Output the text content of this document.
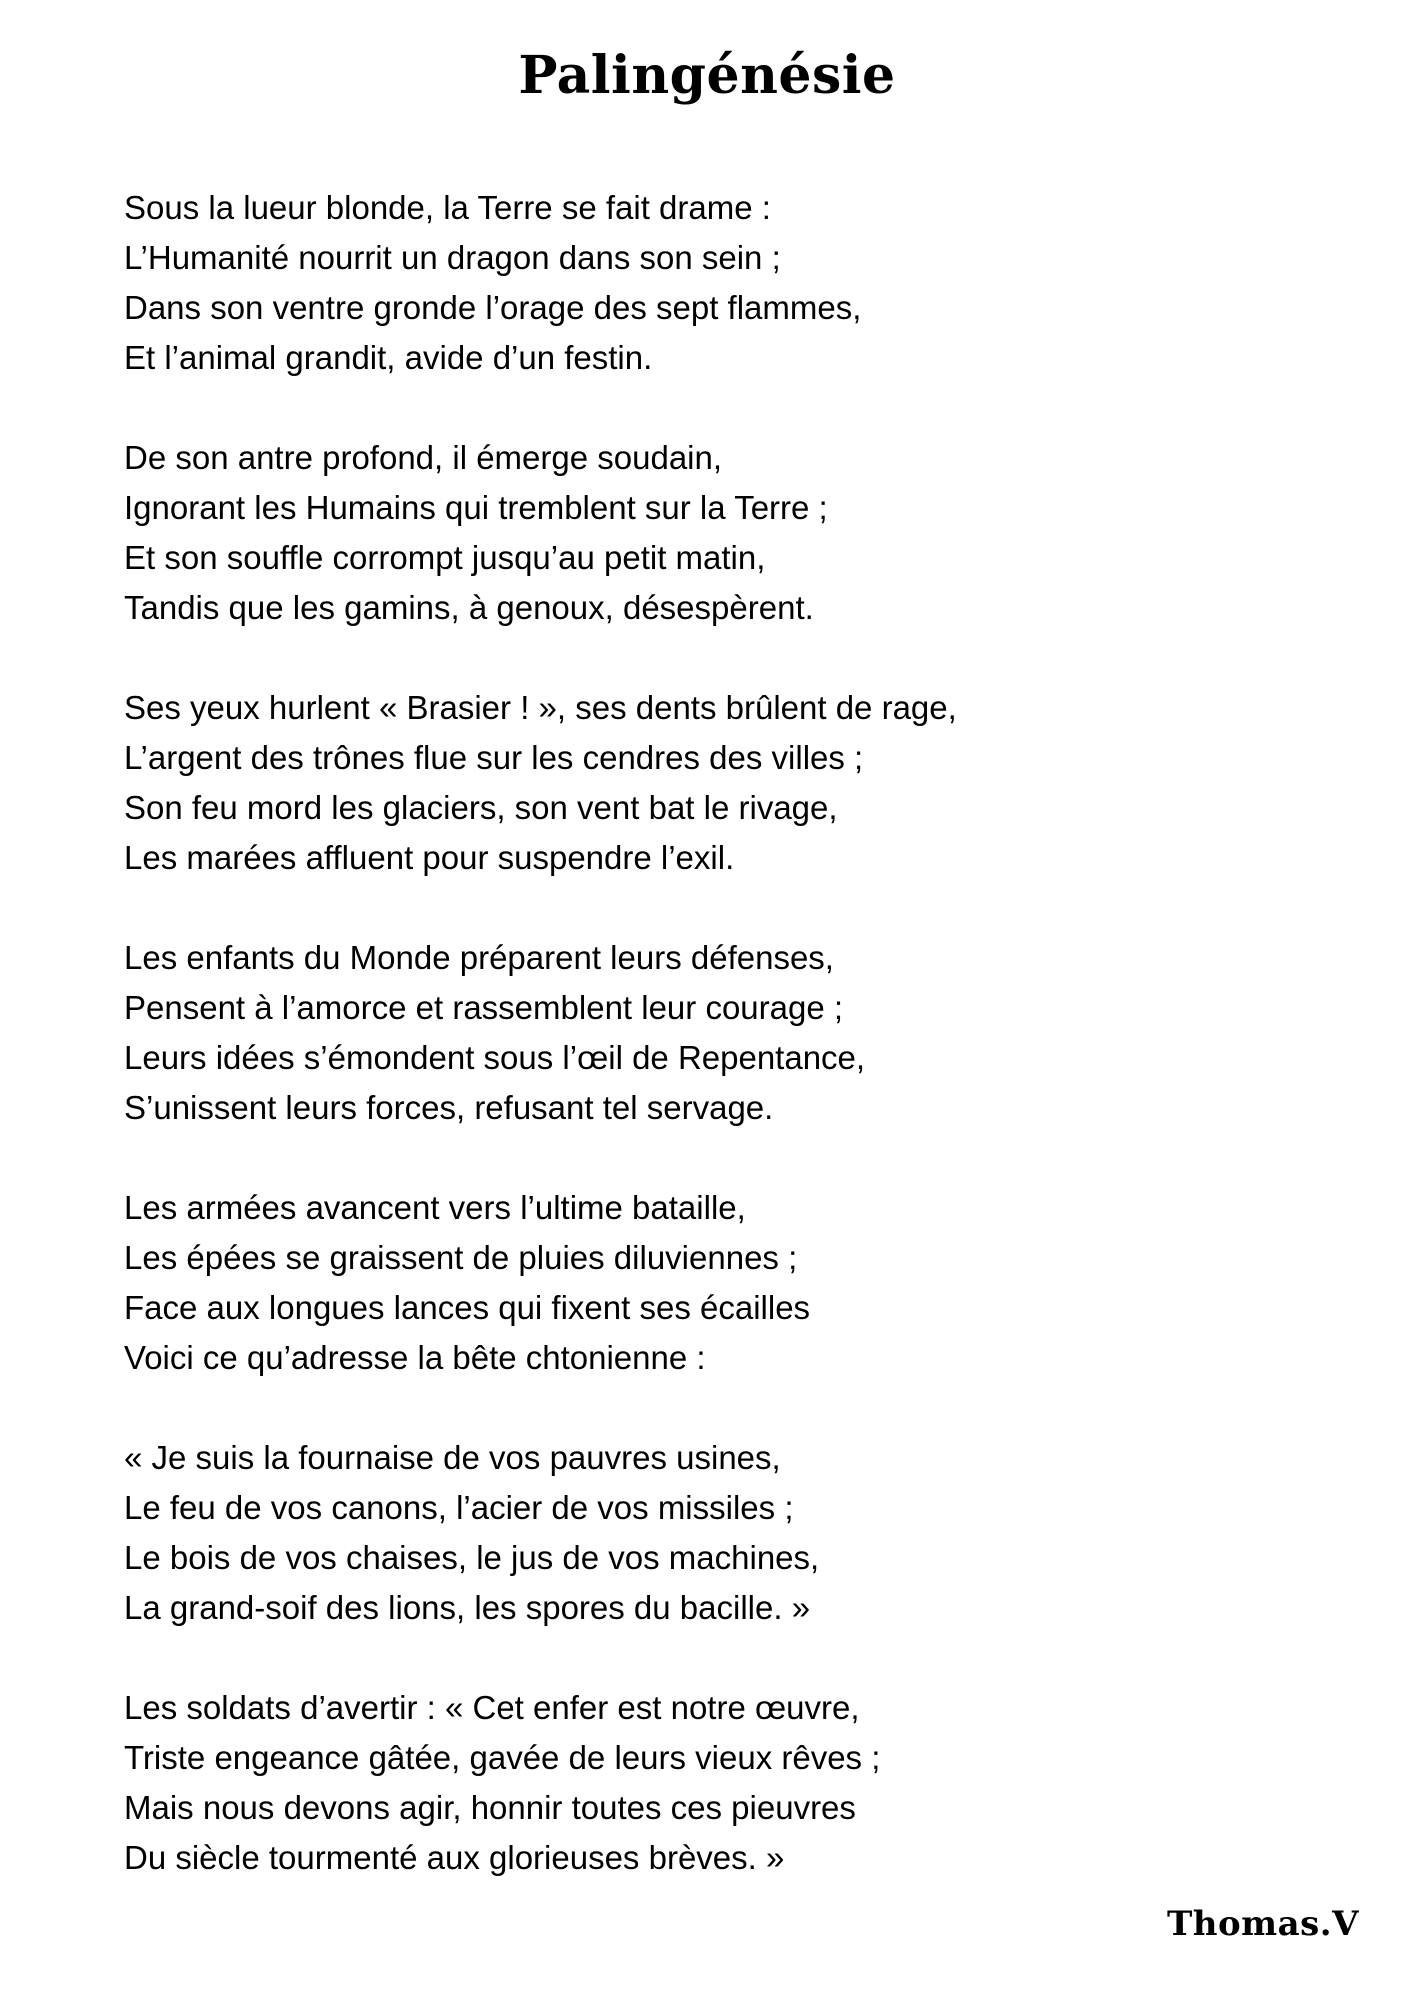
Palingénésie
Sous la lueur blonde, la Terre se fait drame :
L’Humanité nourrit un dragon dans son sein ;
Dans son ventre gronde l’orage des sept flammes,
Et l’animal grandit, avide d’un festin.
De son antre profond, il émerge soudain,
Ignorant les Humains qui tremblent sur la Terre ;
Et son souffle corrompt jusqu’au petit matin,
Tandis que les gamins, à genoux, désespèrent.
Ses yeux hurlent « Brasier ! », ses dents brûlent de rage,
L’argent des trônes flue sur les cendres des villes ;
Son feu mord les glaciers, son vent bat le rivage,
Les marées affluent pour suspendre l’exil.
Les enfants du Monde préparent leurs défenses,
Pensent à l’amorce et rassemblent leur courage ;
Leurs idées s’émondent sous l’œil de Repentance,
S’unissent leurs forces, refusant tel servage.
Les armées avancent vers l’ultime bataille,
Les épées se graissent de pluies diluviennes ;
Face aux longues lances qui fixent ses écailles
Voici ce qu’adresse la bête chtonienne :
« Je suis la fournaise de vos pauvres usines,
Le feu de vos canons, l’acier de vos missiles ;
Le bois de vos chaises, le jus de vos machines,
La grand-soif des lions, les spores du bacille. »
Les soldats d’avertir : « Cet enfer est notre œuvre,
Triste engeance gâtée, gavée de leurs vieux rêves ;
Mais nous devons agir, honnir toutes ces pieuvres
Du siècle tourmenté aux glorieuses brèves. »
Thomas.V
